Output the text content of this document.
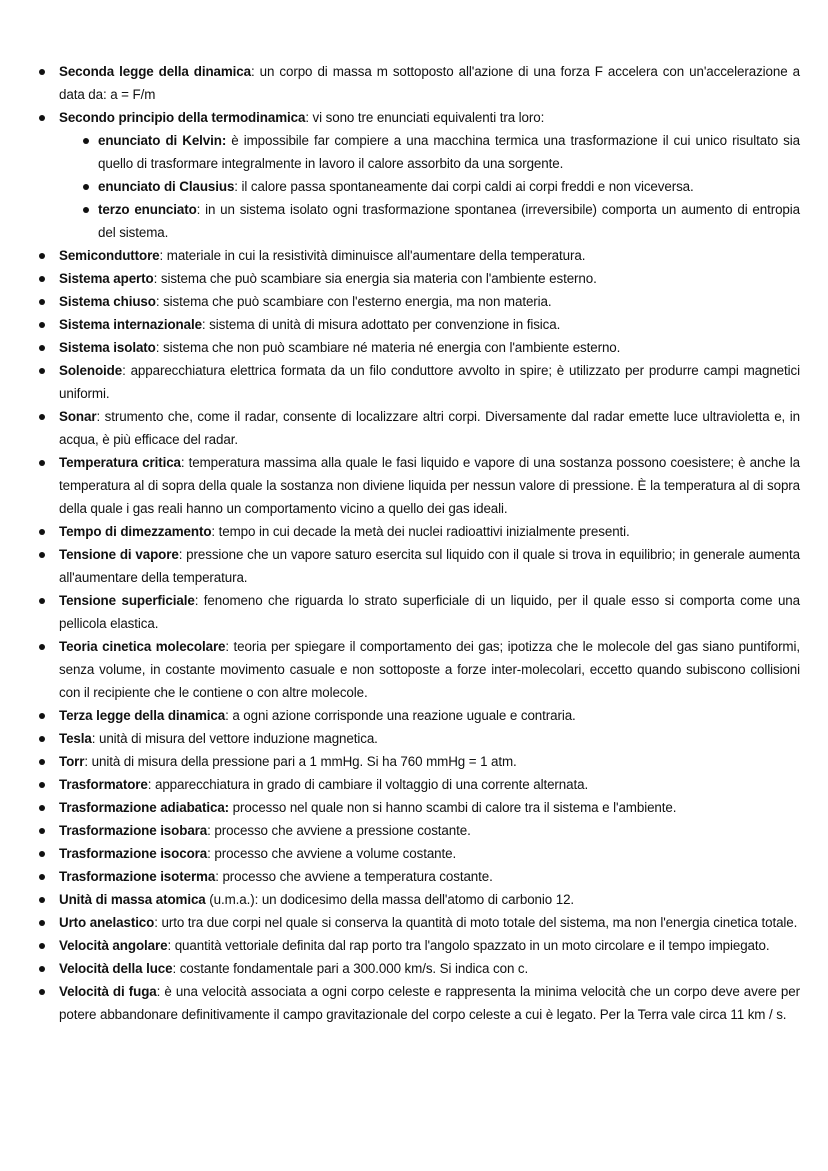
Seconda legge della dinamica: un corpo di massa m sottoposto all'azione di una forza F accelera con un'accelerazione a data da: a = F/m
Secondo principio della termodinamica: vi sono tre enunciati equivalenti tra loro:
enunciato di Kelvin: è impossibile far compiere a una macchina termica una trasformazione il cui unico risultato sia quello di trasformare integralmente in lavoro il calore assorbito da una sorgente.
enunciato di Clausius: il calore passa spontaneamente dai corpi caldi ai corpi freddi e non viceversa.
terzo enunciato: in un sistema isolato ogni trasformazione spontanea (irreversibile) comporta un aumento di entropia del sistema.
Semiconduttore: materiale in cui la resistività diminuisce all'aumentare della temperatura.
Sistema aperto: sistema che può scambiare sia energia sia materia con l'ambiente esterno.
Sistema chiuso: sistema che può scambiare con l'esterno energia, ma non materia.
Sistema internazionale: sistema di unità di misura adottato per convenzione in fisica.
Sistema isolato: sistema che non può scambiare né materia né energia con l'ambiente esterno.
Solenoide: apparecchiatura elettrica formata da un filo conduttore avvolto in spire; è utilizzato per produrre campi magnetici uniformi.
Sonar: strumento che, come il radar, consente di localizzare altri corpi. Diversamente dal radar emette luce ultravioletta e, in acqua, è più efficace del radar.
Temperatura critica: temperatura massima alla quale le fasi liquido e vapore di una sostanza possono coesistere; è anche la temperatura al di sopra della quale la sostanza non diviene liquida per nessun valore di pressione. È la temperatura al di sopra della quale i gas reali hanno un comportamento vicino a quello dei gas ideali.
Tempo di dimezzamento: tempo in cui decade la metà dei nuclei radioattivi inizialmente presenti.
Tensione di vapore: pressione che un vapore saturo esercita sul liquido con il quale si trova in equilibrio; in generale aumenta all'aumentare della temperatura.
Tensione superficiale: fenomeno che riguarda lo strato superficiale di un liquido, per il quale esso si comporta come una pellicola elastica.
Teoria cinetica molecolare: teoria per spiegare il comportamento dei gas; ipotizza che le molecole del gas siano puntiformi, senza volume, in costante movimento casuale e non sottoposte a forze inter-molecolari, eccetto quando subiscono collisioni con il recipiente che le contiene o con altre molecole.
Terza legge della dinamica: a ogni azione corrisponde una reazione uguale e contraria.
Tesla: unità di misura del vettore induzione magnetica.
Torr: unità di misura della pressione pari a 1 mmHg. Si ha 760 mmHg = 1 atm.
Trasformatore: apparecchiatura in grado di cambiare il voltaggio di una corrente alternata.
Trasformazione adiabatica: processo nel quale non si hanno scambi di calore tra il sistema e l'ambiente.
Trasformazione isobara: processo che avviene a pressione costante.
Trasformazione isocora: processo che avviene a volume costante.
Trasformazione isoterma: processo che avviene a temperatura costante.
Unità di massa atomica (u.m.a.): un dodicesimo della massa dell'atomo di carbonio 12.
Urto anelastico: urto tra due corpi nel quale si conserva la quantità di moto totale del sistema, ma non l'energia cinetica totale.
Velocità angolare: quantità vettoriale definita dal rap porto tra l'angolo spazzato in un moto circolare e il tempo impiegato.
Velocità della luce: costante fondamentale pari a 300.000 km/s. Si indica con c.
Velocità di fuga: è una velocità associata a ogni corpo celeste e rappresenta la minima velocità che un corpo deve avere per potere abbandonare definitivamente il campo gravitazionale del corpo celeste a cui è legato. Per la Terra vale circa 11 km / s.
